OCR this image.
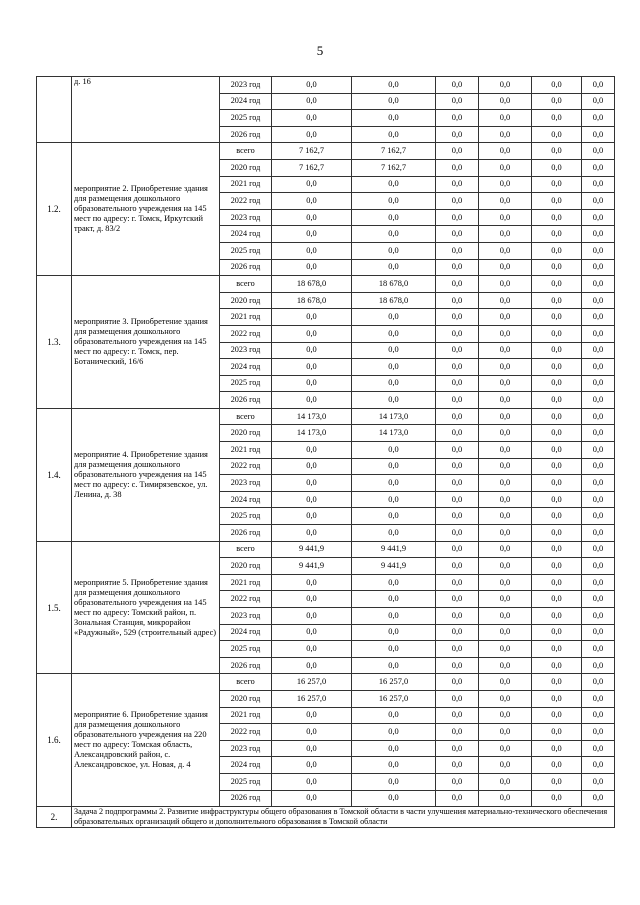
5
	д. 16	2023 год	0,0	0,0	0,0	0,0	0,0	0,0
		2024 год	0,0	0,0	0,0	0,0	0,0	0,0
		2025 год	0,0	0,0	0,0	0,0	0,0	0,0
		2026 год	0,0	0,0	0,0	0,0	0,0	0,0
1.2.	мероприятие 2. Приобретение здания для размещения дошкольного образовательного учреждения на 145 мест по адресу: г. Томск, Иркутский тракт, д. 83/2	всего	7 162,7	7 162,7	0,0	0,0	0,0	0,0
		2020 год	7 162,7	7 162,7	0,0	0,0	0,0	0,0
		2021 год	0,0	0,0	0,0	0,0	0,0	0,0
		2022 год	0,0	0,0	0,0	0,0	0,0	0,0
		2023 год	0,0	0,0	0,0	0,0	0,0	0,0
		2024 год	0,0	0,0	0,0	0,0	0,0	0,0
		2025 год	0,0	0,0	0,0	0,0	0,0	0,0
		2026 год	0,0	0,0	0,0	0,0	0,0	0,0
1.3.	мероприятие 3. Приобретение здания для размещения дошкольного образовательного учреждения на 145 мест по адресу: г. Томск, пер. Ботанический, 16/6	всего	18 678,0	18 678,0	0,0	0,0	0,0	0,0
		2020 год	18 678,0	18 678,0	0,0	0,0	0,0	0,0
		2021 год	0,0	0,0	0,0	0,0	0,0	0,0
		2022 год	0,0	0,0	0,0	0,0	0,0	0,0
		2023 год	0,0	0,0	0,0	0,0	0,0	0,0
		2024 год	0,0	0,0	0,0	0,0	0,0	0,0
		2025 год	0,0	0,0	0,0	0,0	0,0	0,0
		2026 год	0,0	0,0	0,0	0,0	0,0	0,0
1.4.	мероприятие 4. Приобретение здания для размещения дошкольного образовательного учреждения на 145 мест по адресу: с. Тимирязевское, ул. Ленина, д. 38	всего	14 173,0	14 173,0	0,0	0,0	0,0	0,0
		2020 год	14 173,0	14 173,0	0,0	0,0	0,0	0,0
		2021 год	0,0	0,0	0,0	0,0	0,0	0,0
		2022 год	0,0	0,0	0,0	0,0	0,0	0,0
		2023 год	0,0	0,0	0,0	0,0	0,0	0,0
		2024 год	0,0	0,0	0,0	0,0	0,0	0,0
		2025 год	0,0	0,0	0,0	0,0	0,0	0,0
		2026 год	0,0	0,0	0,0	0,0	0,0	0,0
1.5.	мероприятие 5. Приобретение здания для размещения дошкольного образовательного учреждения на 145 мест по адресу: Томский район, п. Зональная Станция, микрорайон «Радужный», 529 (строительный адрес)	всего	9 441,9	9 441,9	0,0	0,0	0,0	0,0
		2020 год	9 441,9	9 441,9	0,0	0,0	0,0	0,0
		2021 год	0,0	0,0	0,0	0,0	0,0	0,0
		2022 год	0,0	0,0	0,0	0,0	0,0	0,0
		2023 год	0,0	0,0	0,0	0,0	0,0	0,0
		2024 год	0,0	0,0	0,0	0,0	0,0	0,0
		2025 год	0,0	0,0	0,0	0,0	0,0	0,0
		2026 год	0,0	0,0	0,0	0,0	0,0	0,0
1.6.	мероприятие 6. Приобретение здания для размещения дошкольного образовательного учреждения на 220 мест по адресу: Томская область, Александровский район, с. Александровское, ул. Новая, д. 4	всего	16 257,0	16 257,0	0,0	0,0	0,0	0,0
		2020 год	16 257,0	16 257,0	0,0	0,0	0,0	0,0
		2021 год	0,0	0,0	0,0	0,0	0,0	0,0
		2022 год	0,0	0,0	0,0	0,0	0,0	0,0
		2023 год	0,0	0,0	0,0	0,0	0,0	0,0
		2024 год	0,0	0,0	0,0	0,0	0,0	0,0
		2025 год	0,0	0,0	0,0	0,0	0,0	0,0
		2026 год	0,0	0,0	0,0	0,0	0,0	0,0
2.	Задача 2 подпрограммы 2. Развитие инфраструктуры общего образования в Томской области в части улучшения материально-технического обеспечения образовательных организаций общего и дополнительного образования в Томской области							
